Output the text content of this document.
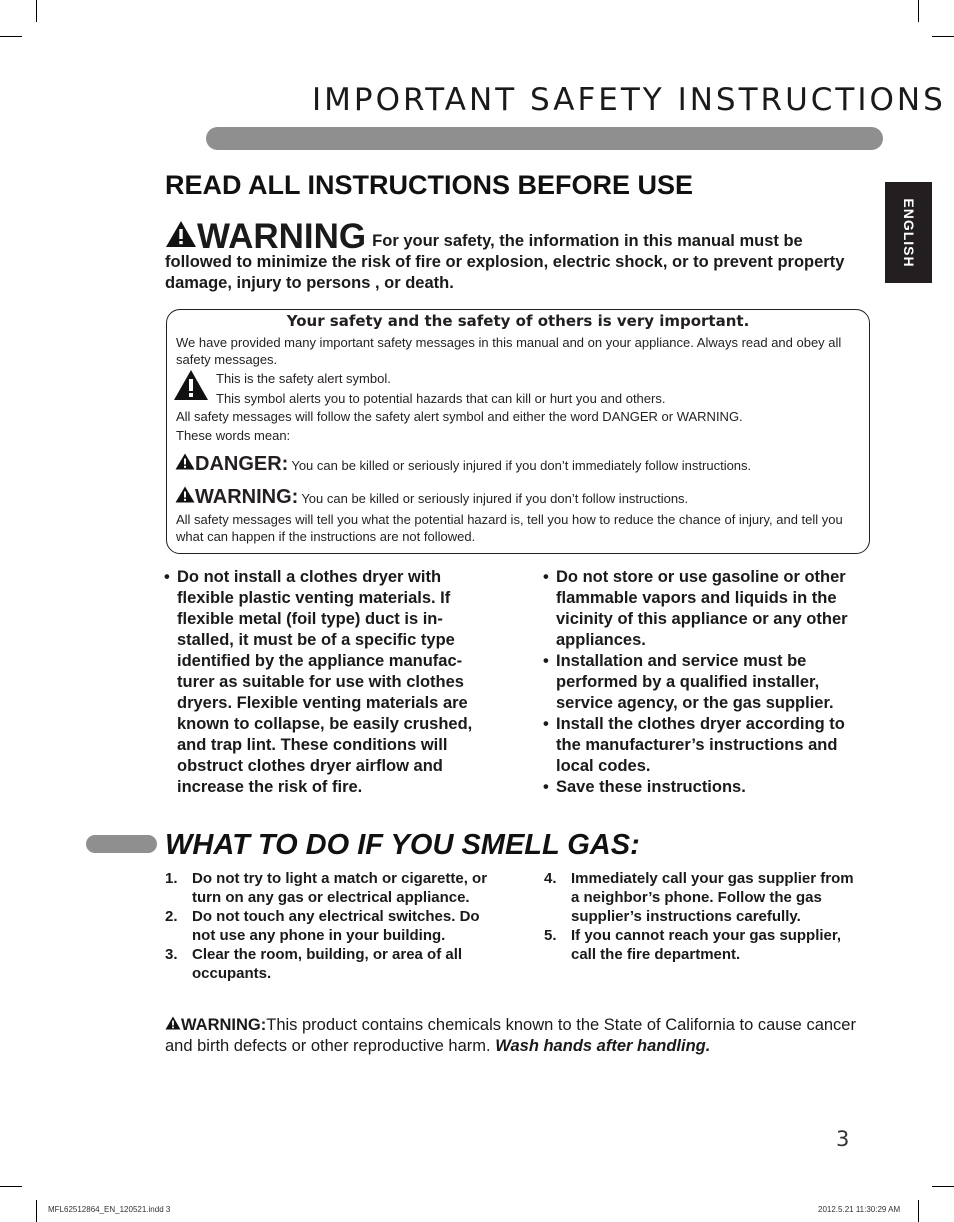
IMPORTANT SAFETY INSTRUCTIONS
ENGLISH
READ ALL INSTRUCTIONS BEFORE USE
WARNING For your safety, the information in this manual must be followed to minimize the risk of fire or explosion, electric shock, or to prevent property damage, injury to persons , or death.
Your safety and the safety of others is very important.

We have provided many important safety messages in this manual and on your appliance. Always read and obey all safety messages.

This is the safety alert symbol.

This symbol alerts you to potential hazards that can kill or hurt you and others.

All safety messages will follow the safety alert symbol and either the word DANGER or WARNING.

These words mean:

DANGER: You can be killed or seriously injured if you don’t immediately follow instructions.

WARNING: You can be killed or seriously injured if you don’t follow instructions.

All safety messages will tell you what the potential hazard is, tell you how to reduce the chance of injury, and tell you what can happen if the instructions are not followed.

• Do not install a clothes dryer with flexible plastic venting materials. If flexible metal (foil type) duct is in-stalled, it must be of a specific type identified by the appliance manufac-turer as suitable for use with clothes dryers. Flexible venting materials are known to collapse, be easily crushed, and trap lint. These conditions will obstruct clothes dryer airflow and increase the risk of fire.
• Do not store or use gasoline or other flammable vapors and liquids in the vicinity of this appliance or any other appliances.
• Installation and service must be performed by a qualified installer, service agency, or the gas supplier.
• Install the clothes dryer according to the manufacturer’s instructions and local codes.
• Save these instructions.
WHAT TO DO IF YOU SMELL GAS:
1. Do not try to light a match or cigarette, or turn on any gas or electrical appliance.
2. Do not touch any electrical switches. Do not use any phone in your building.
3. Clear the room, building, or area of all occupants.
4. Immediately call your gas supplier from a neighbor’s phone. Follow the gas supplier’s instructions carefully.
5. If you cannot reach your gas supplier, call the fire department.
WARNING:This product contains chemicals known to the State of California to cause cancer and birth defects or other reproductive harm. Wash hands after handling.
3
MFL62512864_EN_120521.indd 3	2012.5.21 11:30:29 AM
